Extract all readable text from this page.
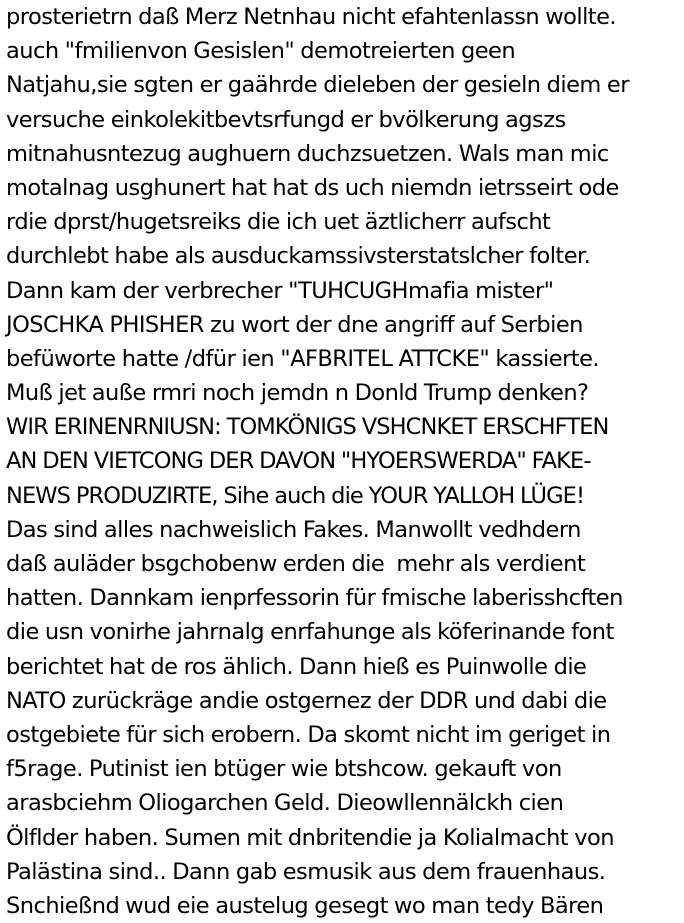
prosterietrn daß Merz Netnhau nicht efahtenlassn wollte.
auch "fmilienvon Gesislen" demotreierten geen
Natjahu,sie sgten er gaährde dieleben der gesieln diem er
versuche einkolekitbevtsrfungd er bvölkerung agszs
mitnahusntezug aughuern duchzsuetzen. Wals man mic
motalnag usghunert hat hat ds uch niemdn ietrsseirt ode
rdie dprst/hugetsreiks die ich uet äztlicherr aufscht
durchlebt habe als ausduckamssivsterstatslcher folter.
Dann kam der verbrecher "TUHCUGHmafia mister"
JOSCHKA PHISHER zu wort der dne angriff auf Serbien
befüworte hatte /dfür ien "AFBRITEL ATTCKE" kassierte.
Muß jet auße rmri noch jemdn n Donld Trump denken?
WIR ERINENRNIUSN: TOMKÖNIGS VSHCNKET ERSCHFTEN
AN DEN VIETCONG DER DAVON "HYOERSWERDA" FAKE-
NEWS PRODUZIRTE, Sihe auch die YOUR YALLOH LÜGE!
Das sind alles nachweislich Fakes. Manwollt vedhdern
daß auläder bsgchobenw erden die  mehr als verdient
hatten. Dannkam ienprfessorin für fmische laberisshcften
die usn vonirhe jahrnalg enrfahunge als köferinande font
berichtet hat de ros ählich. Dann hieß es Puinwolle die
NATO zurückräge andie ostgernez der DDR und dabi die
ostgebiete für sich erobern. Da skomt nicht im geriget in
f5rage. Putinist ien btüger wie btshcow. gekauft von
arasbciehm Oliogarchen Geld. Dieowllennälckh cien
Ölflder haben. Sumen mit dnbritendie ja Kolialmacht von
Palästina sind.. Dann gab esmusik aus dem frauenhaus.
Snchießnd wud eie austelug gesegt wo man tedy Bären
